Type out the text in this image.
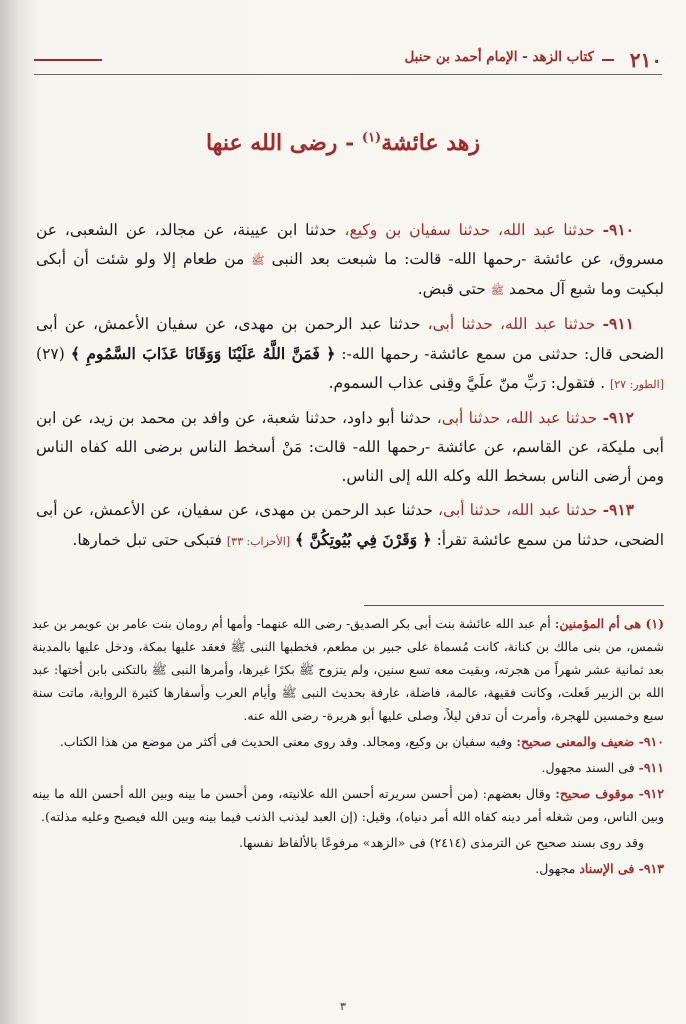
٢١٠
كتاب الزهد - الإمام أحمد بن حنبل
زهد عائشة$^{(١)}$ - رضى الله عنها

٩١٠- حدثنا عبد الله، حدثنا سفيان بن وكيع، حدثنا ابن عيينة، عن مجالد، عن الشعبى، عن مسروق، عن عائشة -رحمها الله- قالت: ما شبعت بعد النبى ﷺ من طعام إلا ولو شئت أن أبكى لبكيت وما شبع آل محمد ﷺ حتى قبض.

٩١١- حدثنا عبد الله، حدثنا أبى، حدثنا عبد الرحمن بن مهدى، عن سفيان الأعمش، عن أبى الضحى قال: حدثنى من سمع عائشة- رحمها الله-: ﴿ فَمَنَّ اللَّهُ عَلَيْنَا وَوَقَانَا عَذَابَ السَّمُومِ ﴾ (٢٧) [الطور: ٢٧] . فتقول: رَبِّ منّ علَيَّ وقِنى عذاب السموم.

٩١٢- حدثنا عبد الله، حدثنا أبى، حدثنا أبو داود، حدثنا شعبة، عن وافد بن محمد بن زيد، عن ابن أبى مليكة، عن القاسم، عن عائشة -رحمها الله- قالت: مَنْ أسخط الناس برضى الله كفاه الناس ومن أرضى الناس بسخط الله وكله الله إلى الناس.

٩١٣- حدثنا عبد الله، حدثنا أبى، حدثنا عبد الرحمن بن مهدى، عن سفيان، عن الأعمش، عن أبى الضحى، حدثنا من سمع عائشة تقرأ: ﴿ وَقَرْنَ فِي بُيُوتِكُنَّ ﴾ [الأحزاب: ٣٣] فتبكى حتى تبل خمارها.

(١) هى أم المؤمنين: أم عبد الله عائشة بنت أبى بكر الصديق- رضى الله عنهما- وأمها أم رومان بنت عامر بن عويمر بن عبد شمس، من بنى مالك بن كنانة، كانت مُسماة على جبير بن مطعم، فخطبها النبى ﷺ فعقد عليها بمكة، ودخل عليها بالمدينة بعد ثمانية عشر شهراً من هجرته، وبقيت معه تسع سنين، ولم يتزوج ﷺ بكرًا غيرها، وأمرها النبى ﷺ بالتكنى بابن أختها: عبد الله بن الزبير فَعلت، وكانت فقيهة، عالمة، فاضلة، عارفة بحديث النبى ﷺ وأيام العرب وأسفارها كثيرة الرواية، ماتت سنة سبع وخمسين للهجرة، وأمرت أن تدفن ليلاً، وصلى عليها أبو هريرة- رضى الله عنه.

٩١٠- ضعيف والمعنى صحيح: وفيه سفيان بن وكيع، ومجالد. وقد روى معنى الحديث فى أكثر من موضع من هذا الكتاب.

٩١١- فى السند مجهول.

٩١٢- موقوف صحيح: وقال بعضهم: (من أحسن سريرته أحسن الله علانيته، ومن أحسن ما بينه وبين الله أحسن الله ما بينه وبين الناس، ومن شغله أمر دينه كفاه الله أمر دنياه)، وقيل: (إن العبد ليذنب الذنب فيما بينه وبين الله فيصبح وعليه مذلته).

وقد روى بسند صحيح عن الترمذى (٢٤١٤) فى «الزهد» مرفوعًا بالألفاظ نفسها.

٩١٣- فى الإسناد مجهول.

٣
